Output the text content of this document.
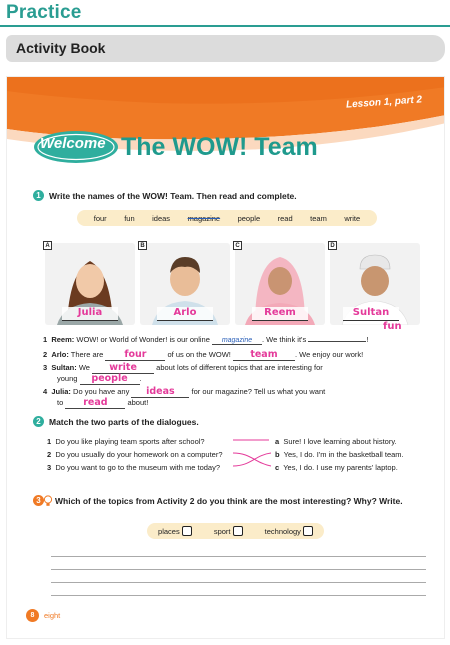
Practice
Activity Book
Lesson 1, part 2
Welcome The WOW! Team
1 Write the names of the WOW! Team. Then read and complete.
four fun ideas magazine people read team write
A
Julia
B
Arlo
C
Reem
D
Sultan
1 Reem: WOW! or World of Wonder! is our online magazine . We think it's	!
fun
2 Arlo: There are four	of us on the WOW! team . We enjoy our work!
3 Sultan: We write	about lots of different topics that are interesting for
young people .
4 Julia: Do you have any ideas for our magazine? Tell us what you want
to read	about!
2 Match the two parts of the dialogues.
1 Do you like playing team sports after school?
2 Do you usually do your homework on a computer?
3 Do you want to go to the museum with me today?
a Sure! I love learning about history.
b Yes, I do. I'm in the basketball team.
c Yes, I do. I use my parents' laptop.
3	Which of the topics from Activity 2 do you think are the most interesting? Why? Write.
places	sport	technology
8	eight
